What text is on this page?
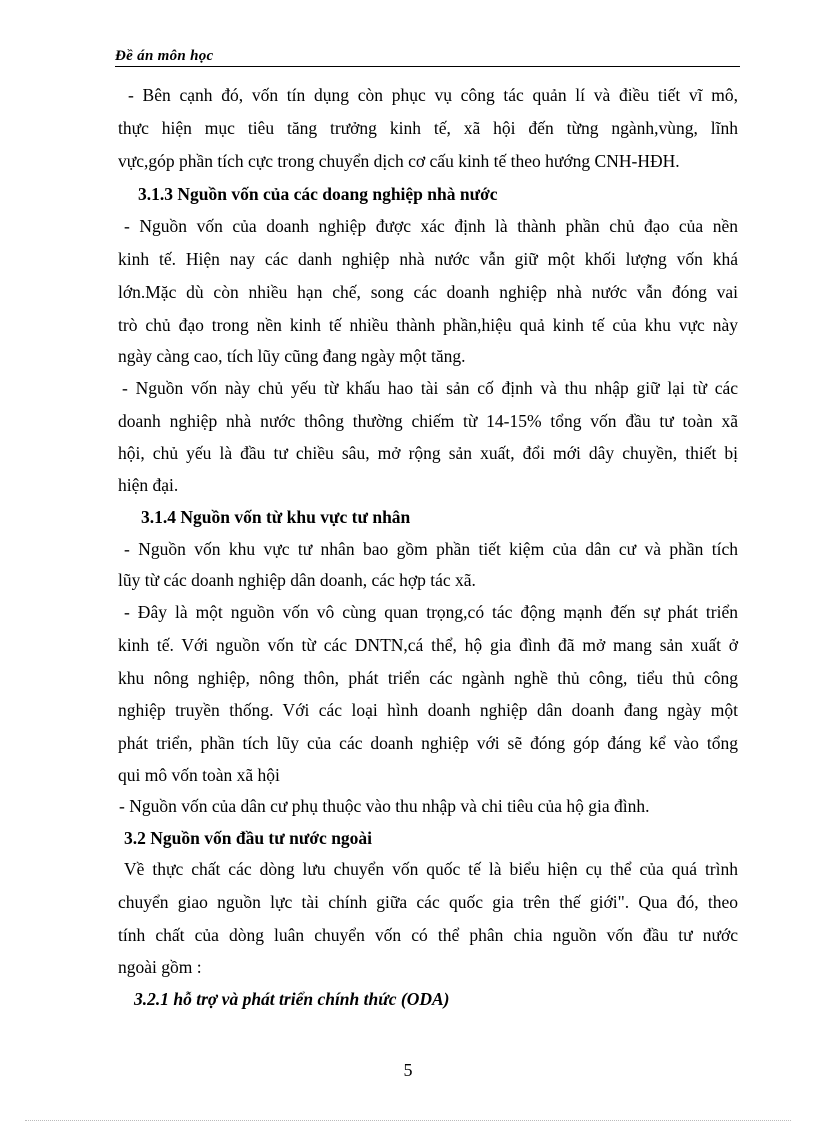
Đề án môn học
- Bên cạnh đó, vốn tín dụng còn phục vụ công tác quản lí và điều tiết vĩ mô,
thực hiện mục tiêu tăng trưởng kinh tế, xã hội đến từng ngành,vùng, lĩnh
vực,góp phần tích cực trong chuyển dịch cơ cấu kinh tế theo hướng CNH-HĐH.
3.1.3 Nguồn vốn của các doang nghiệp nhà nước
- Nguồn vốn của doanh nghiệp được xác định là thành phần chủ đạo của nền
kinh tế. Hiện nay các danh nghiệp nhà nước vẫn giữ một khối lượng vốn khá
lớn.Mặc dù còn nhiều hạn chế, song các doanh nghiệp nhà nước vẫn đóng vai
trò chủ đạo trong nền kinh tế nhiều thành phần,hiệu quả kinh tế của khu vực này
ngày càng cao, tích lũy cũng đang ngày một tăng.
- Nguồn vốn này chủ yếu từ khấu hao tài sản cố định và thu nhập giữ lại từ các
doanh nghiệp nhà nước thông thường chiếm từ 14-15% tổng vốn đầu tư toàn xã
hội, chủ yếu là đầu tư chiều sâu, mở rộng sản xuất, đổi mới dây chuyền, thiết bị
hiện đại.
3.1.4 Nguồn vốn từ khu vực tư nhân
- Nguồn vốn khu vực tư nhân bao gồm phần tiết kiệm của dân cư và phần tích
lũy từ các doanh nghiệp dân doanh, các hợp tác xã.
- Đây là một nguồn vốn vô cùng quan trọng,có tác động mạnh đến sự phát triển
kinh tế. Với nguồn vốn từ các DNTN,cá thể, hộ gia đình đã mở mang sản xuất ở
khu nông nghiệp, nông thôn, phát triển các ngành nghề thủ công, tiểu thủ công
nghiệp truyền thống. Với các loại hình doanh nghiệp dân doanh đang ngày một
phát triển, phần tích lũy của các doanh nghiệp với sẽ đóng góp đáng kể vào tổng
qui mô vốn toàn xã hội
- Nguồn vốn của dân cư phụ thuộc vào thu nhập và chi tiêu của hộ gia đình.
3.2 Nguồn vốn đầu tư nước ngoài
Về thực chất các dòng lưu chuyển vốn quốc tế là biểu hiện cụ thể của quá trình
chuyển giao nguồn lực tài chính giữa các quốc gia trên thế giới". Qua đó, theo
tính chất của dòng luân chuyển vốn có thể phân chia nguồn vốn đầu tư nước
ngoài gồm :
3.2.1 hỗ trợ và phát triển chính thức (ODA)
5
